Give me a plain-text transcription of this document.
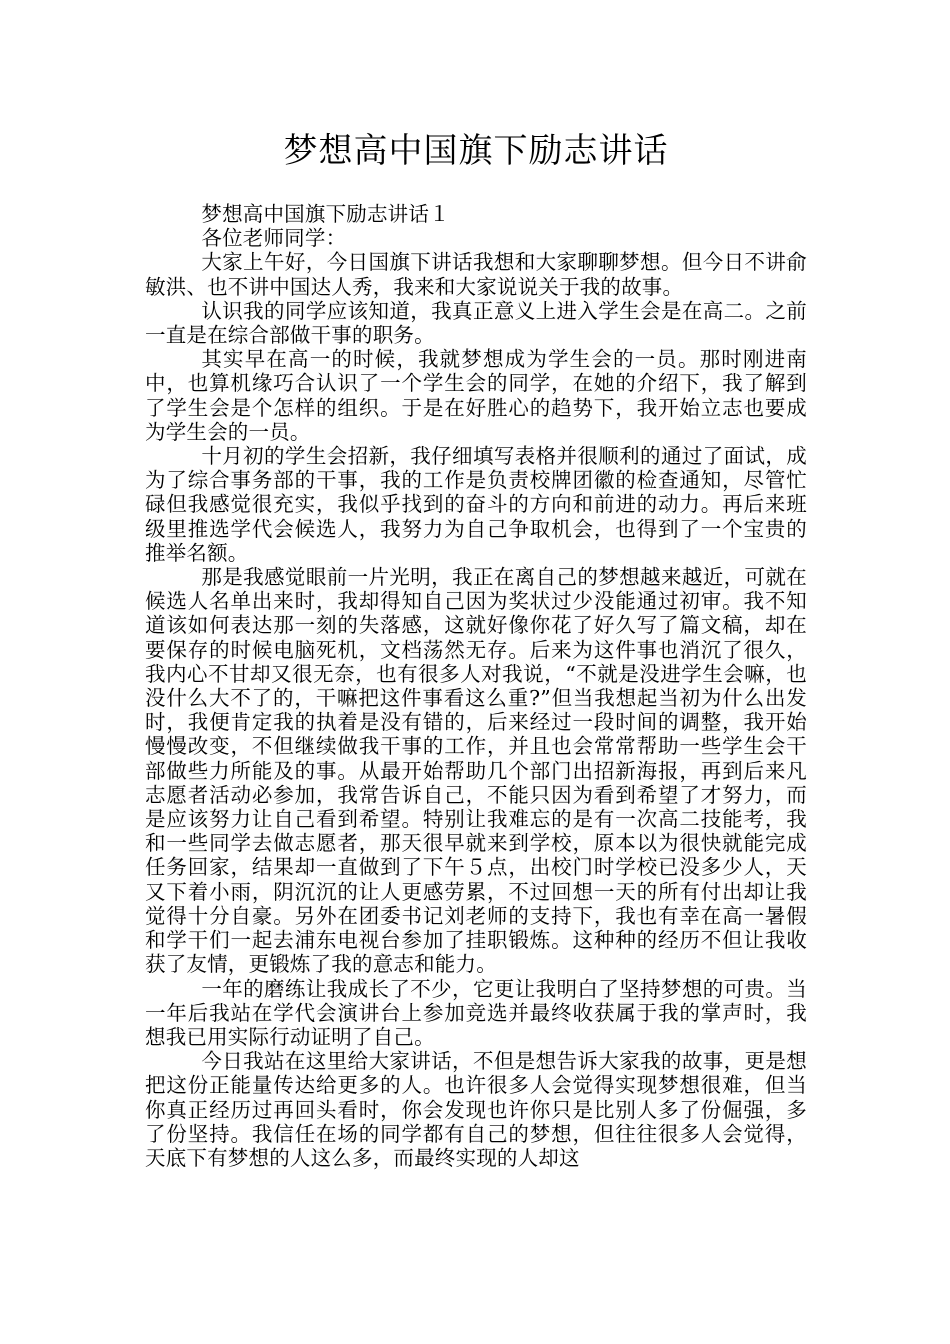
梦想高中国旗下励志讲话

梦想高中国旗下励志讲话１

各位老师同学：

大家上午好，今日国旗下讲话我想和大家聊聊梦想。但今日不讲俞敏洪、也不讲中国达人秀，我来和大家说说关于我的故事。

认识我的同学应该知道，我真正意义上进入学生会是在高二。之前一直是在综合部做干事的职务。

其实早在高一的时候，我就梦想成为学生会的一员。那时刚进南中，也算机缘巧合认识了一个学生会的同学，在她的介绍下，我了解到了学生会是个怎样的组织。于是在好胜心的趋势下，我开始立志也要成为学生会的一员。

十月初的学生会招新，我仔细填写表格并很顺利的通过了面试，成为了综合事务部的干事，我的工作是负责校牌团徽的检查通知，尽管忙碌但我感觉很充实，我似乎找到的奋斗的方向和前进的动力。再后来班级里推选学代会候选人，我努力为自己争取机会，也得到了一个宝贵的推举名额。

那是我感觉眼前一片光明，我正在离自己的梦想越来越近，可就在候选人名单出来时，我却得知自己因为奖状过少没能通过初审。我不知道该如何表达那一刻的失落感，这就好像你花了好久写了篇文稿，却在要保存的时候电脑死机，文档荡然无存。后来为这件事也消沉了很久，我内心不甘却又很无奈，也有很多人对我说，“不就是没进学生会嘛，也没什么大不了的，干嘛把这件事看这么重?”但当我想起当初为什么出发时，我便肯定我的执着是没有错的，后来经过一段时间的调整，我开始慢慢改变，不但继续做我干事的工作，并且也会常常帮助一些学生会干部做些力所能及的事。从最开始帮助几个部门出招新海报，再到后来凡志愿者活动必参加，我常告诉自己，不能只因为看到希望了才努力，而是应该努力让自己看到希望。特别让我难忘的是有一次高二技能考，我和一些同学去做志愿者，那天很早就来到学校，原本以为很快就能完成任务回家，结果却一直做到了下午５点，出校门时学校已没多少人，天又下着小雨，阴沉沉的让人更感劳累，不过回想一天的所有付出却让我觉得十分自豪。另外在团委书记刘老师的支持下，我也有幸在高一暑假和学干们一起去浦东电视台参加了挂职锻炼。这种种的经历不但让我收获了友情，更锻炼了我的意志和能力。

一年的磨练让我成长了不少，它更让我明白了坚持梦想的可贵。当一年后我站在学代会演讲台上参加竞选并最终收获属于我的掌声时，我想我已用实际行动证明了自己。

今日我站在这里给大家讲话，不但是想告诉大家我的故事，更是想把这份正能量传达给更多的人。也许很多人会觉得实现梦想很难，但当你真正经历过再回头看时，你会发现也许你只是比别人多了份倔强，多了份坚持。我信任在场的同学都有自己的梦想，但往往很多人会觉得，天底下有梦想的人这么多，而最终实现的人却这
